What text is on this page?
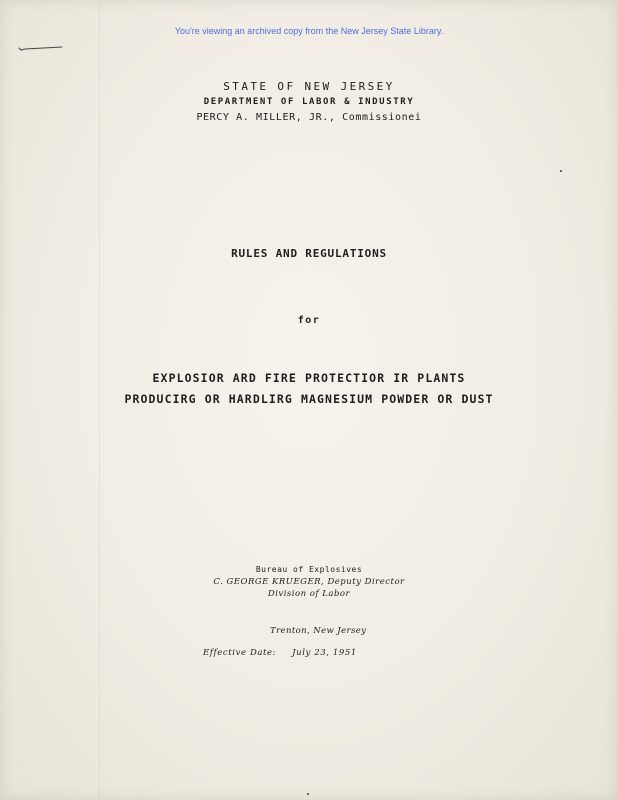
You're viewing an archived copy from the New Jersey State Library.
STATE OF NEW JERSEY
DEPARTMENT OF LABOR & INDUSTRY
PERCY A. MILLER, JR., Commissionei
RULES AND REGULATIONS
for
EXPLOSIOR ARD FIRE PROTECTIOR IR PLANTS
PRODUCIRG OR HARDLIRG MAGNESIUM POWDER OR DUST
Bureau of Explosives
C. GEORGE KRUEGER, Deputy Director
Division of Labor
Trenton, New Jersey
Effective Date: July 23, 1951
